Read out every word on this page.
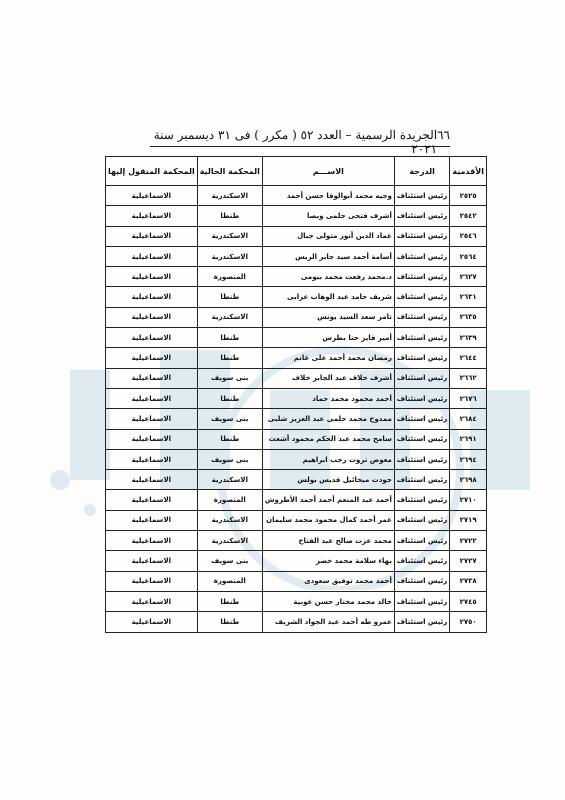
٦٦
الجريدة الرسمية – العدد ٥٢ ( مكرر ) فى ٣١ ديسمبر سنة ٢٠٢١
الأقدمية	الدرجة	الاســـم	المحكمة الحالية	المحكمة المنقول إليها
٢٥٢٥	رئيس استئناف	وجيه محمد أبوالوفا حسن أحمد	الاسكندرية	الاسماعيلية
٢٥٤٢	رئيس استئناف	أشرف فتحى حلمى ويصا	طنطا	الاسماعيلية
٢٥٤٦	رئيس استئناف	عماد الدين أنور متولى جبال	الاسكندرية	الاسماعيلية
٢٥٦٤	رئيس استئناف	أسامة أحمد سيد جابر الريس	الاسكندرية	الاسماعيلية
٢٦٢٧	رئيس استئناف	د.محمد رفعت محمد بيومى	المنصورة	الاسماعيلية
٢٦٣١	رئيس استئناف	شريف حامد عبد الوهاب عرابى	طنطا	الاسماعيلية
٢٦٣٥	رئيس استئناف	تامر سعد السيد يونس	الاسكندرية	الاسماعيلية
٢٦٣٩	رئيس استئناف	أمير فايز حنا بطرس	طنطا	الاسماعيلية
٢٦٤٤	رئيس استئناف	رمضان محمد أحمد على غانم	طنطا	الاسماعيلية
٢٦٦٢	رئيس استئناف	أشرف خلاف عبد الجابر خلاف	بنى سويف	الاسماعيلية
٢٦٧٦	رئيس استئناف	أحمد محمود محمد حماد	طنطا	الاسماعيلية
٢٦٨٤	رئيس استئناف	ممدوح محمد حلمى عبد العزيز شلبى	بنى سويف	الاسماعيلية
٢٦٩١	رئيس استئناف	سامح محمد عبد الحكم محمود أشعث	طنطا	الاسماعيلية
٢٦٩٤	رئيس استئناف	معوض ثروت رجب ابراهيم	بنى سويف	الاسماعيلية
٢٦٩٨	رئيس استئناف	جودت ميخائيل قديس بولس	الاسكندرية	الاسماعيلية
٢٧١٠	رئيس استئناف	أحمد عبد المنعم أحمد أحمد الأطروش	المنصورة	الاسماعيلية
٢٧١٩	رئيس استئناف	عمر أحمد كمال محمود محمد سليمان	الاسكندرية	الاسماعيلية
٢٧٢٢	رئيس استئناف	محمد عزت صالح عبد الفتاح	الاسكندرية	الاسماعيلية
٢٧٢٧	رئيس استئناف	بهاء سلامة محمد خضر	بنى سويف	الاسماعيلية
٢٧٣٨	رئيس استئناف	أحمد محمد توفيق سعودى	المنصورة	الاسماعيلية
٢٧٤٥	رئيس استئناف	خالد محمد مختار حسن غوبية	طنطا	الاسماعيلية
٢٧٥٠	رئيس استئناف	عمرو طه أحمد عبد الجواد الشريف	طنطا	الاسماعيلية
